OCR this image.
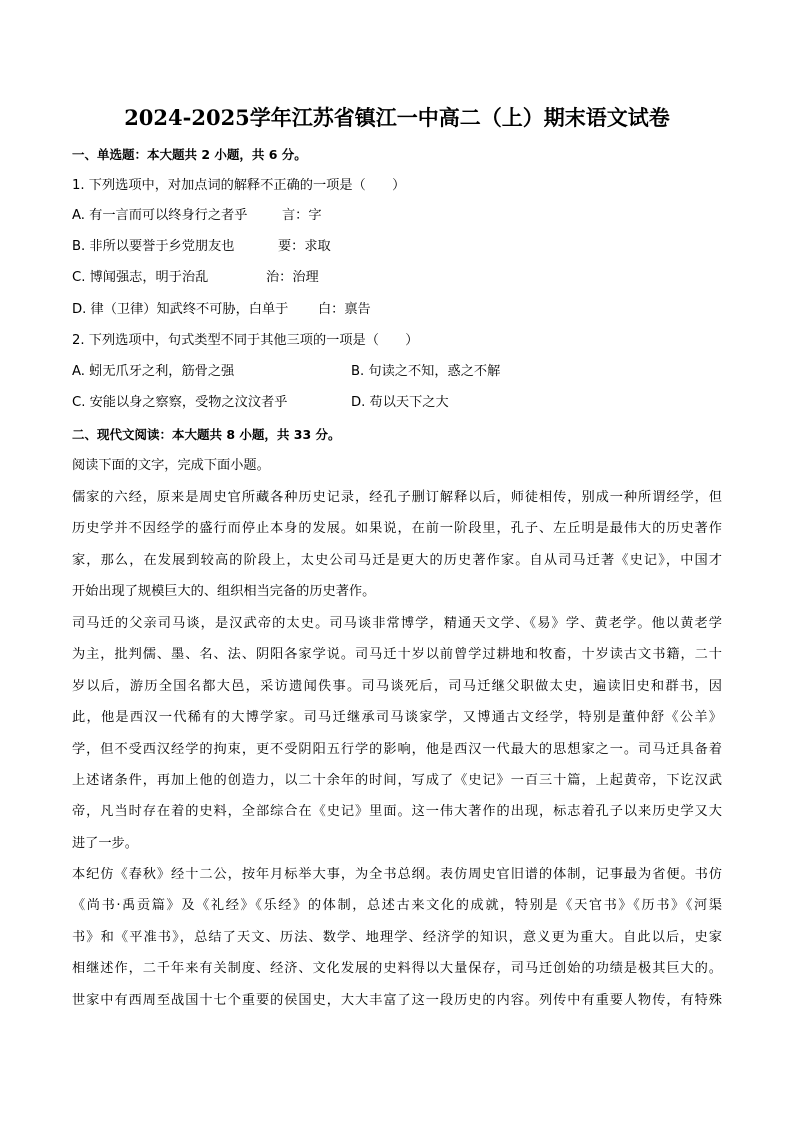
2024-2025学年江苏省镇江一中高二（上）期末语文试卷
一、单选题：本大题共 2 小题，共 6 分。
1. 下列选项中，对加点词的解释不正确的一项是（　　）
A. 有一言而可以终身行之者乎	言：字
B. 非所以要誉于乡党朋友也	要：求取
C. 博闻强志，明于治乱	治：治理
D. 律（卫律）知武终不可胁，白单于 白：禀告
2. 下列选项中，句式类型不同于其他三项的一项是（　　）
A. 蚓无爪牙之利，筋骨之强	B. 句读之不知，惑之不解
C. 安能以身之察察，受物之汶汶者乎	D. 苟以天下之大
二、现代文阅读：本大题共 8 小题，共 33 分。
阅读下面的文字，完成下面小题。
儒家的六经，原来是周史官所藏各种历史记录，经孔子删订解释以后，师徒相传，别成一种所谓经学，但
历史学并不因经学的盛行而停止本身的发展。如果说，在前一阶段里，孔子、左丘明是最伟大的历史著作
家，那么，在发展到较高的阶段上，太史公司马迁是更大的历史著作家。自从司马迁著《史记》，中国才
开始出现了规模巨大的、组织相当完备的历史著作。
司马迁的父亲司马谈，是汉武帝的太史。司马谈非常博学，精通天文学、《易》学、黄老学。他以黄老学
为主，批判儒、墨、名、法、阴阳各家学说。司马迁十岁以前曾学过耕地和牧畜，十岁读古文书籍，二十
岁以后，游历全国名都大邑，采访遗闻佚事。司马谈死后，司马迁继父职做太史，遍读旧史和群书，因
此，他是西汉一代稀有的大博学家。司马迁继承司马谈家学，又博通古文经学，特别是董仲舒《公羊》
学，但不受西汉经学的拘束，更不受阴阳五行学的影响，他是西汉一代最大的思想家之一。司马迁具备着
上述诸条件，再加上他的创造力，以二十余年的时间，写成了《史记》一百三十篇，上起黄帝，下讫汉武
帝，凡当时存在着的史料，全部综合在《史记》里面。这一伟大著作的出现，标志着孔子以来历史学又大
进了一步。
本纪仿《春秋》经十二公，按年月标举大事，为全书总纲。表仿周史官旧谱的体制，记事最为省便。书仿
《尚书·禹贡篇》及《礼经》《乐经》的体制，总述古来文化的成就，特别是《天官书》《历书》《河渠
书》和《平准书》，总结了天文、历法、数学、地理学、经济学的知识，意义更为重大。自此以后，史家
相继述作，二千年来有关制度、经济、文化发展的史料得以大量保存，司马迁创始的功绩是极其巨大的。
世家中有西周至战国十七个重要的侯国史，大大丰富了这一段历史的内容。列传中有重要人物传，有特殊
